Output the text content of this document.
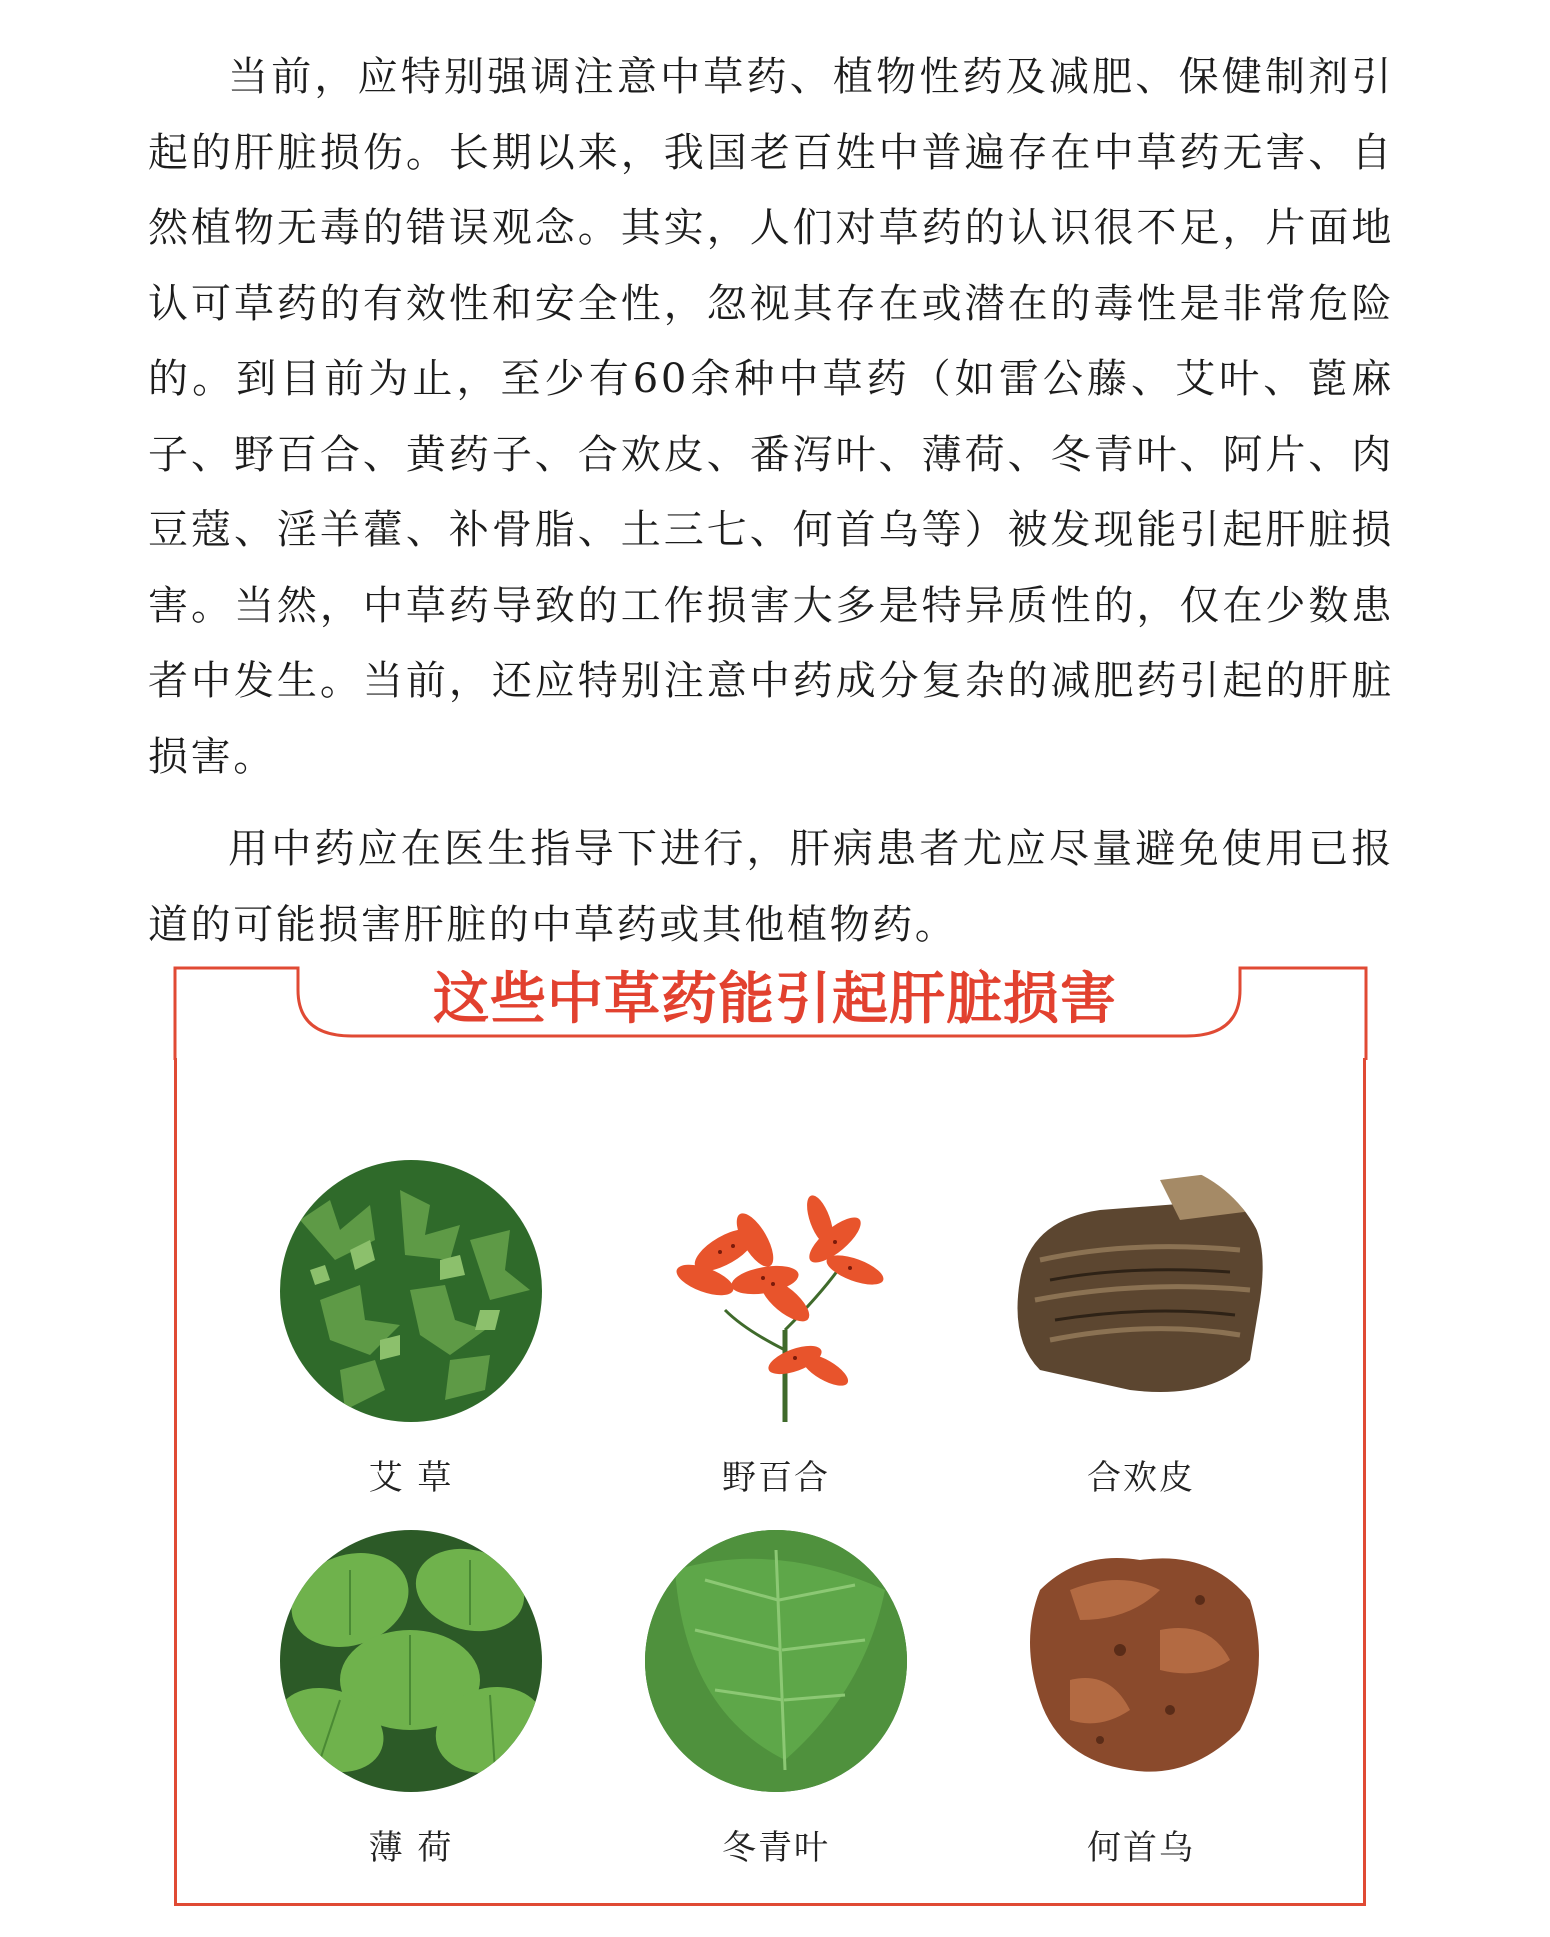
当前，应特别强调注意中草药、植物性药及减肥、保健制剂引起的肝脏损伤。长期以来，我国老百姓中普遍存在中草药无害、自然植物无毒的错误观念。其实，人们对草药的认识很不足，片面地认可草药的有效性和安全性，忽视其存在或潜在的毒性是非常危险的。到目前为止，至少有60余种中草药（如雷公藤、艾叶、蓖麻子、野百合、黄药子、合欢皮、番泻叶、薄荷、冬青叶、阿片、肉豆蔻、淫羊藿、补骨脂、土三七、何首乌等）被发现能引起肝脏损害。当然，中草药导致的工作损害大多是特异质性的，仅在少数患者中发生。当前，还应特别注意中药成分复杂的减肥药引起的肝脏损害。

用中药应在医生指导下进行，肝病患者尤应尽量避免使用已报道的可能损害肝脏的中草药或其他植物药。

这些中草药能引起肝脏损害
艾 草	野百合	合欢皮
薄 荷	冬青叶	何首乌
